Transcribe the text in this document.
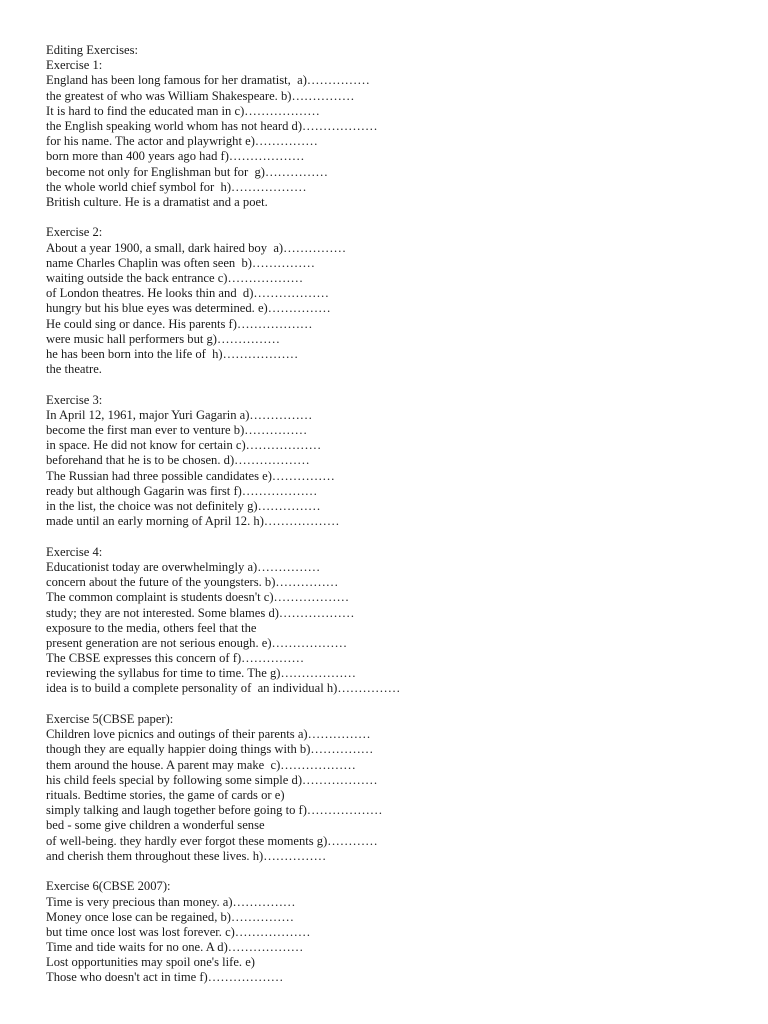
Editing Exercises:
Exercise 1:
England has been long famous for her dramatist,  a)……………
the greatest of who was William Shakespeare. b)……………
It is hard to find the educated man in c)………………
the English speaking world whom has not heard d)………………
for his name. The actor and playwright e)……………
born more than 400 years ago had f)………………
become not only for Englishman but for  g)……………
the whole world chief symbol for  h)………………
British culture. He is a dramatist and a poet.
Exercise 2:
About a year 1900, a small, dark haired boy  a)……………
name Charles Chaplin was often seen  b)……………
waiting outside the back entrance c)………………
of London theatres. He looks thin and  d)………………
hungry but his blue eyes was determined. e)……………
He could sing or dance. His parents f)………………
were music hall performers but g)……………
he has been born into the life of  h)………………
the theatre.
Exercise 3:
In April 12, 1961, major Yuri Gagarin a)……………
become the first man ever to venture b)……………
in space. He did not know for certain c)………………
beforehand that he is to be chosen. d)………………
The Russian had three possible candidates e)……………
ready but although Gagarin was first f)………………
in the list, the choice was not definitely g)……………
made until an early morning of April 12. h)………………
Exercise 4:
Educationist today are overwhelmingly a)……………
concern about the future of the youngsters. b)……………
The common complaint is students doesn't c)………………
study; they are not interested. Some blames d)………………
exposure to the media, others feel that the
present generation are not serious enough. e)………………
The CBSE expresses this concern of f)……………
reviewing the syllabus for time to time. The g)………………
idea is to build a complete personality of  an individual h)……………
Exercise 5(CBSE paper):
Children love picnics and outings of their parents a)……………
though they are equally happier doing things with b)……………
them around the house. A parent may make  c)………………
his child feels special by following some simple d)………………
rituals. Bedtime stories, the game of cards or e)
simply talking and laugh together before going to f)………………
bed - some give children a wonderful sense
of well-being. they hardly ever forgot these moments g)…………
and cherish them throughout these lives. h)……………
Exercise 6(CBSE 2007):
Time is very precious than money. a)……………
Money once lose can be regained, b)……………
but time once lost was lost forever. c)………………
Time and tide waits for no one. A d)………………
Lost opportunities may spoil one's life. e)
Those who doesn't act in time f)………………
